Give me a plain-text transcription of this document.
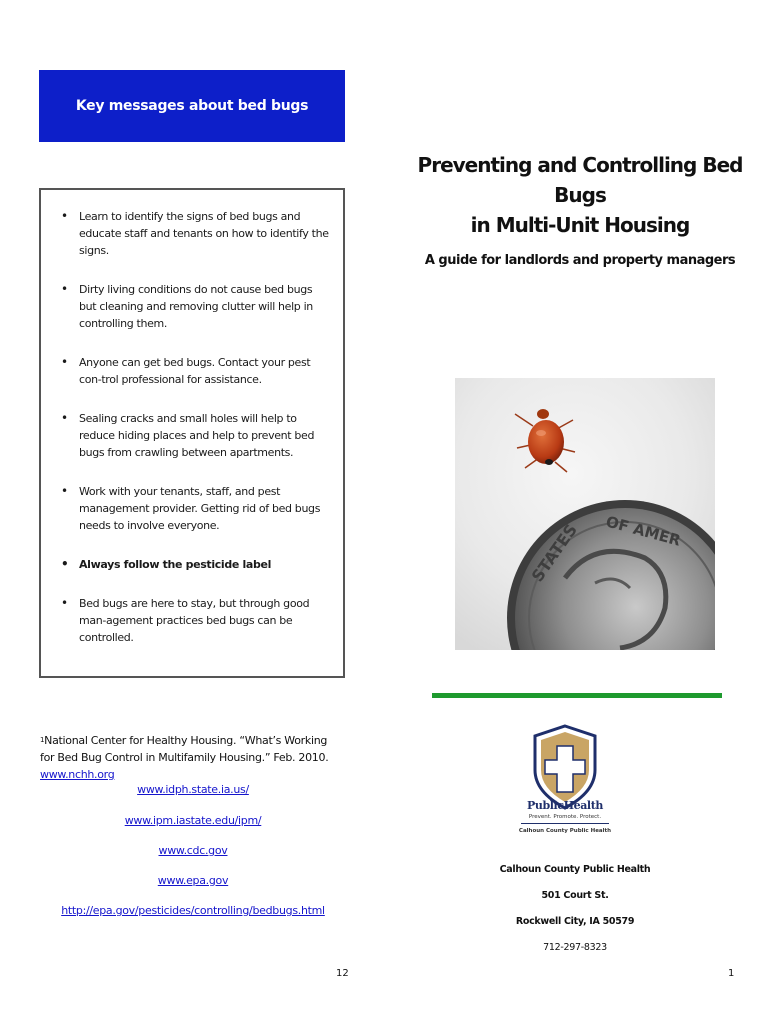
Key messages about bed bugs
• Learn to identify the signs of bed bugs and educate staff and tenants on how to identify the signs.
• Dirty living conditions do not cause bed bugs but cleaning and removing clutter will help in controlling them.
• Anyone can get bed bugs. Contact your pest con-trol professional for assistance.
• Sealing cracks and small holes will help to reduce hiding places and help to prevent bed bugs from crawling between apartments.
• Work with your tenants, staff, and pest management provider. Getting rid of bed bugs needs to involve everyone.
• Always follow the pesticide label
• Bed bugs are here to stay, but through good man-agement practices bed bugs can be controlled.
$^1$National Center for Healthy Housing. “What’s Working for Bed Bug Control in Multifamily Housing.” Feb. 2010. www.nchh.org
www.idph.state.ia.us/
www.ipm.iastate.edu/ipm/
www.cdc.gov
www.epa.gov
http://epa.gov/pesticides/controlling/bedbugs.html
12
Preventing and Controlling Bed Bugs
in Multi-Unit Housing
A guide for landlords and property managers
STATES OF AMER
PublicHealth
Prevent. Promote. Protect.
Calhoun County Public Health
Calhoun County Public Health
501 Court St.
Rockwell City, IA 50579
712-297-8323
1
